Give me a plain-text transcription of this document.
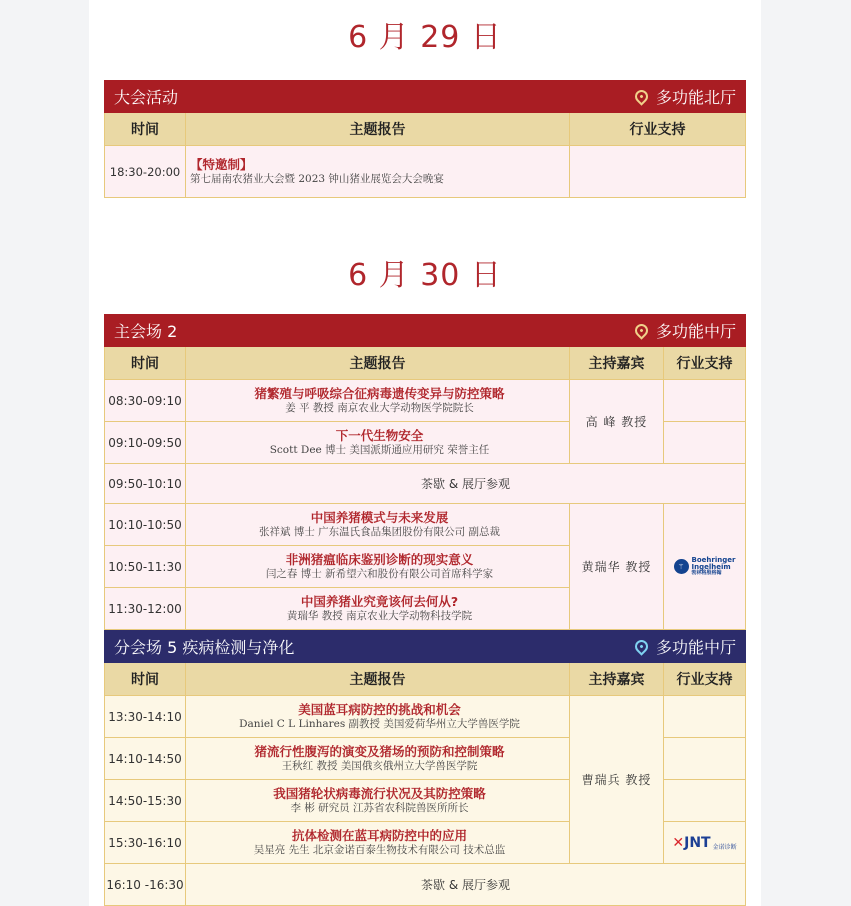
6 月 29 日
大会活动	多功能北厅
时间	主题报告	行业支持
18:30-20:00 【特邀制】
第七届南农猪业大会暨 2023 钟山猪业展览会大会晚宴
6 月 30 日
主会场 2	多功能中厅
时间	主题报告	主持嘉宾	行业支持
08:30-09:10	猪繁殖与呼吸综合征病毒遗传变异与防控策略
姜 平 教授 南京农业大学动物医学院院长
高 峰 教授
09:10-09:50	下一代生物安全
Scott Dee 博士 美国派斯通应用研究 荣誉主任
09:50-10:10	茶歇 & 展厅参观
10:10-10:50	中国养猪模式与未来发展
张祥斌 博士 广东温氏食品集团股份有限公司 副总裁
黄瑞华 教授	⚚
Boehringer
Ingelheim
勃林格殷格翰
10:50-11:30	非洲猪瘟临床鉴别诊断的现实意义
闫之春 博士 新希望六和股份有限公司首席科学家
11:30-12:00	中国养猪业究竟该何去何从?
黄瑞华 教授 南京农业大学动物科技学院
分会场 5 疾病检测与净化	多功能中厅
时间	主题报告	主持嘉宾	行业支持
13:30-14:10	美国蓝耳病防控的挑战和机会
Daniel C L Linhares 副教授 美国爱荷华州立大学兽医学院
曹瑞兵 教授
14:10-14:50	猪流行性腹泻的演变及猪场的预防和控制策略
王秋红 教授 美国俄亥俄州立大学兽医学院
14:50-15:30	我国猪轮状病毒流行状况及其防控策略
李 彬 研究员 江苏省农科院兽医所所长
15:30-16:10	抗体检测在蓝耳病防控中的应用
吴星亮 先生 北京金诺百泰生物技术有限公司 技术总监	✕JNT 金诺诊断
16:10 -16:30	茶歇 & 展厅参观
